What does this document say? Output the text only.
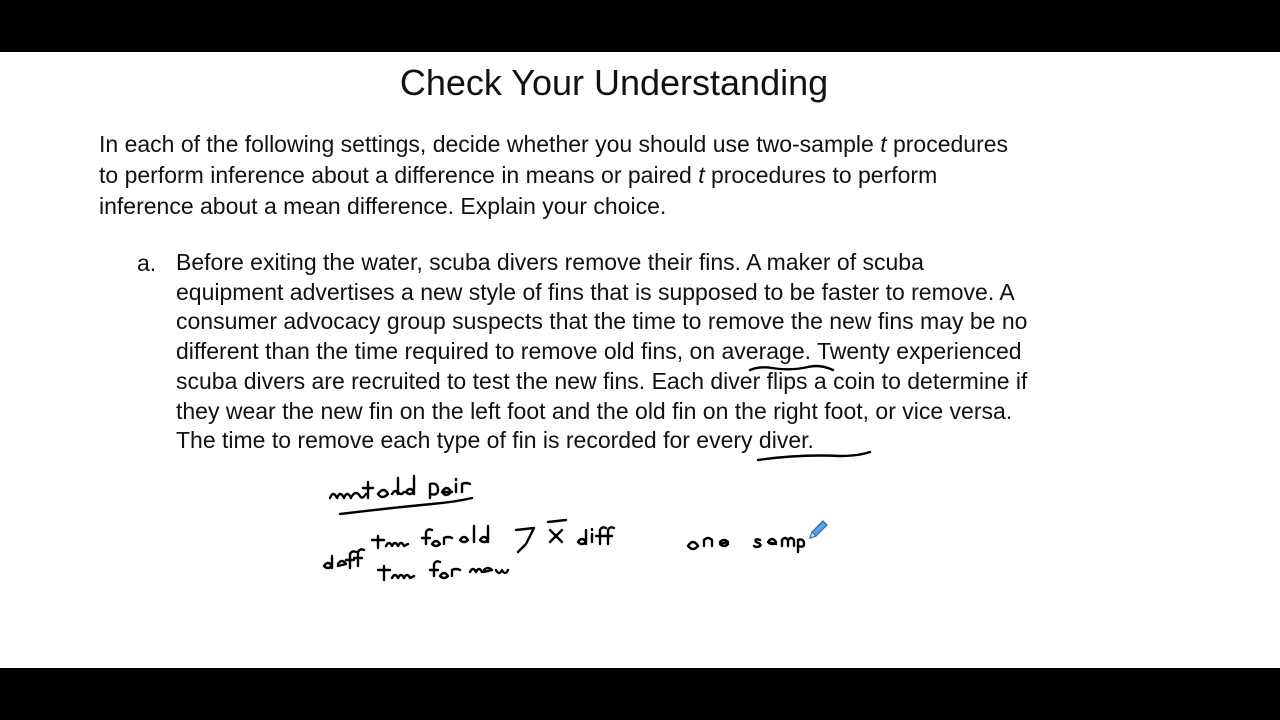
Check Your Understanding
In each of the following settings, decide whether you should use two-sample t procedures
to perform inference about a difference in means or paired t procedures to perform
inference about a mean difference. Explain your choice.
a. Before exiting the water, scuba divers remove their fins. A maker of scuba
equipment advertises a new style of fins that is supposed to be faster to remove. A
consumer advocacy group suspects that the time to remove the new fins may be no
different than the time required to remove old fins, on average. Twenty experienced
scuba divers are recruited to test the new fins. Each diver flips a coin to determine if
they wear the new fin on the left foot and the old fin on the right foot, or vice versa.
The time to remove each type of fin is recorded for every diver.
